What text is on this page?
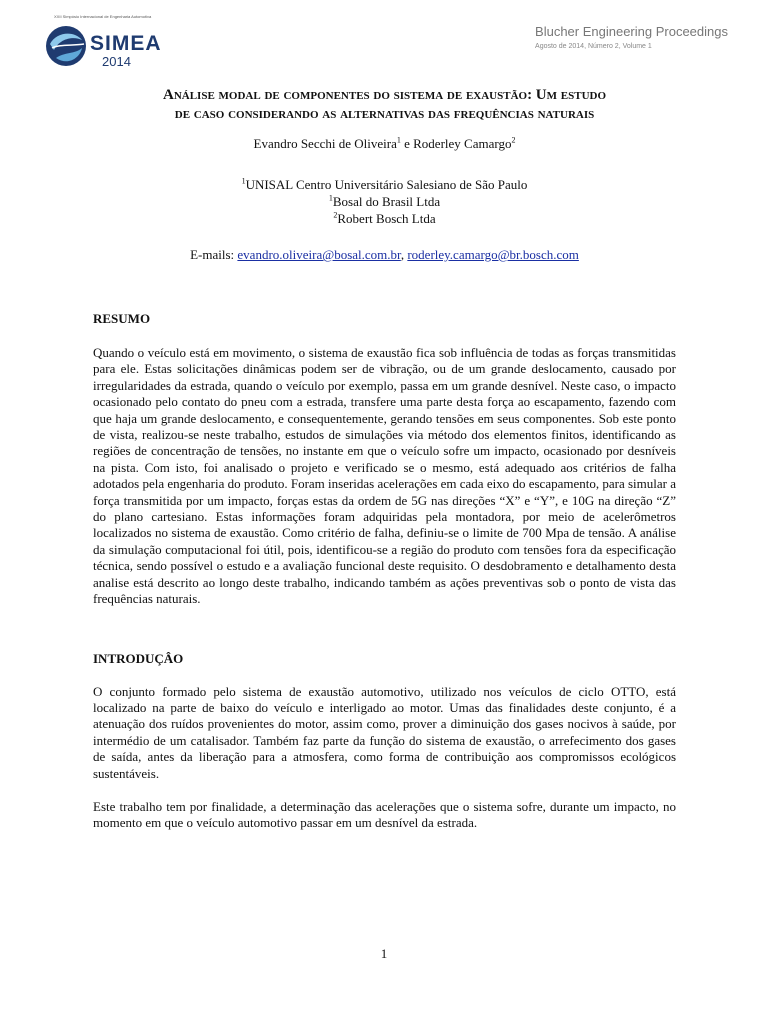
XXII Simpósio Internacional de Engenharia Automotiva
SIMEA
2014
Blucher Engineering Proceedings
Agosto de 2014, Número 2, Volume 1
Análise modal de componentes do sistema de exaustão: Um estudo
de caso considerando as alternativas das frequências naturais
Evandro Secchi de Oliveira$^1$ e Roderley Camargo$^2$
$^1$UNISAL Centro Universitário Salesiano de São Paulo
$^1$Bosal do Brasil Ltda
$^2$Robert Bosch Ltda
E-mails: evandro.oliveira@bosal.com.br, roderley.camargo@br.bosch.com
RESUMO

Quando o veículo está em movimento, o sistema de exaustão fica sob influência de todas as forças transmitidas para ele. Estas solicitações dinâmicas podem ser de vibração, ou de um grande deslocamento, causado por irregularidades da estrada, quando o veículo por exemplo, passa em um grande desnível. Neste caso, o impacto ocasionado pelo contato do pneu com a estrada, transfere uma parte desta força ao escapamento, fazendo com que haja um grande deslocamento, e consequentemente, gerando tensões em seus componentes. Sob este ponto de vista, realizou-se neste trabalho, estudos de simulações via método dos elementos finitos, identificando as regiões de concentração de tensões, no instante em que o veículo sofre um impacto, ocasionado por desníveis na pista. Com isto, foi analisado o projeto e verificado se o mesmo, está adequado aos critérios de falha adotados pela engenharia do produto. Foram inseridas acelerações em cada eixo do escapamento, para simular a força transmitida por um impacto, forças estas da ordem de 5G nas direções “X” e “Y”, e 10G na direção “Z” do plano cartesiano. Estas informações foram adquiridas pela montadora, por meio de acelerômetros localizados no sistema de exaustão. Como critério de falha, definiu-se o limite de 700 Mpa de tensão. A análise da simulação computacional foi útil, pois, identificou-se a região do produto com tensões fora da especificação técnica, sendo possível o estudo e a avaliação funcional deste requisito. O desdobramento e detalhamento desta analise está descrito ao longo deste trabalho, indicando também as ações preventivas sob o ponto de vista das frequências naturais.

INTRODUÇÂO

O conjunto formado pelo sistema de exaustão automotivo, utilizado nos veículos de ciclo OTTO, está localizado na parte de baixo do veículo e interligado ao motor. Umas das finalidades deste conjunto, é a atenuação dos ruídos provenientes do motor, assim como, prover a diminuição dos gases nocivos à saúde, por intermédio de um catalisador. Também faz parte da função do sistema de exaustão, o arrefecimento dos gases de saída, antes da liberação para a atmosfera, como forma de contribuição aos compromissos ecológicos sustentáveis.

Este trabalho tem por finalidade, a determinação das acelerações que o sistema sofre, durante um impacto, no momento em que o veículo automotivo passar em um desnível da estrada.

1
